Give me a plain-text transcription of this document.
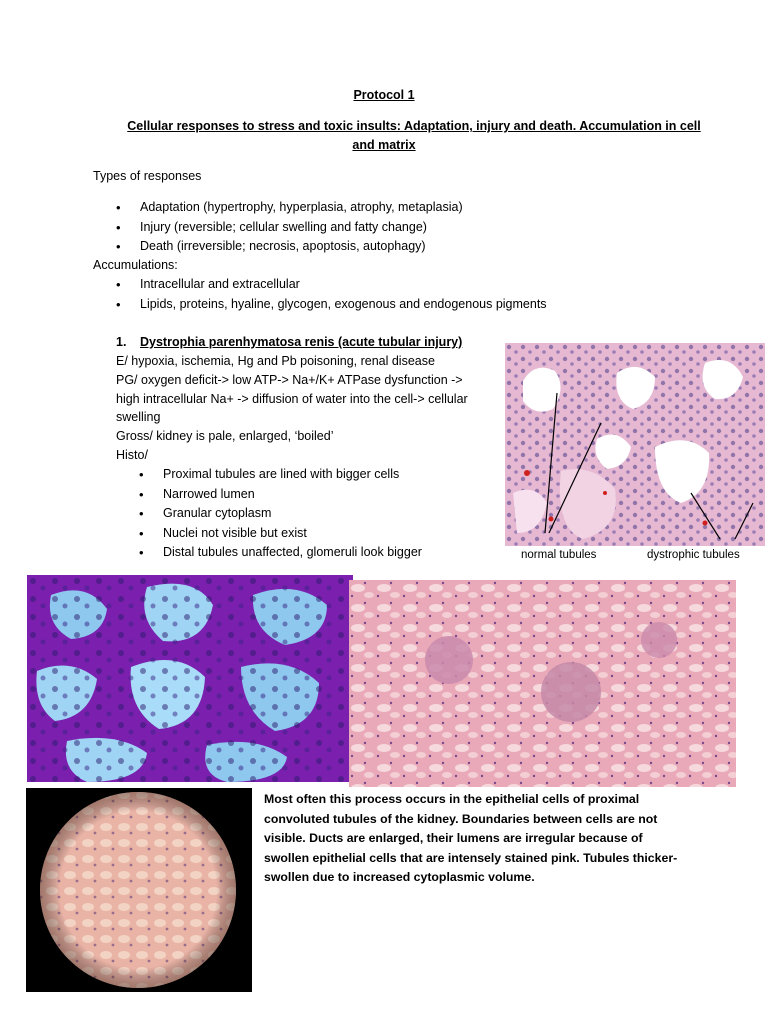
Protocol 1
Cellular responses to stress and toxic insults: Adaptation, injury and death. Accumulation in cell
and matrix
Types of responses
• Adaptation (hypertrophy, hyperplasia, atrophy, metaplasia)
• Injury (reversible; cellular swelling and fatty change)
• Death (irreversible; necrosis, apoptosis, autophagy)
Accumulations:
• Intracellular and extracellular
• Lipids, proteins, hyaline, glycogen, exogenous and endogenous pigments
1. Dystrophia parenhymatosa renis (acute tubular injury)
E/ hypoxia, ischemia, Hg and Pb poisoning, renal disease
PG/ oxygen deficit-> low ATP-> Na+/K+ ATPase dysfunction ->
high intracellular Na+ -> diffusion of water into the cell-> cellular
swelling
Gross/ kidney is pale, enlarged, ‘boiled’
Histo/
• Proximal tubules are lined with bigger cells
• Narrowed lumen
• Granular cytoplasm
• Nuclei not visible but exist
• Distal tubules unaffected, glomeruli look bigger	normal tubules	dystrophic tubules
Most often this process occurs in the epithelial cells of proximal
convoluted tubules of the kidney. Boundaries between cells are not
visible. Ducts are enlarged, their lumens are irregular because of
swollen epithelial cells that are intensely stained pink. Tubules thicker-
swollen due to increased cytoplasmic volume.
